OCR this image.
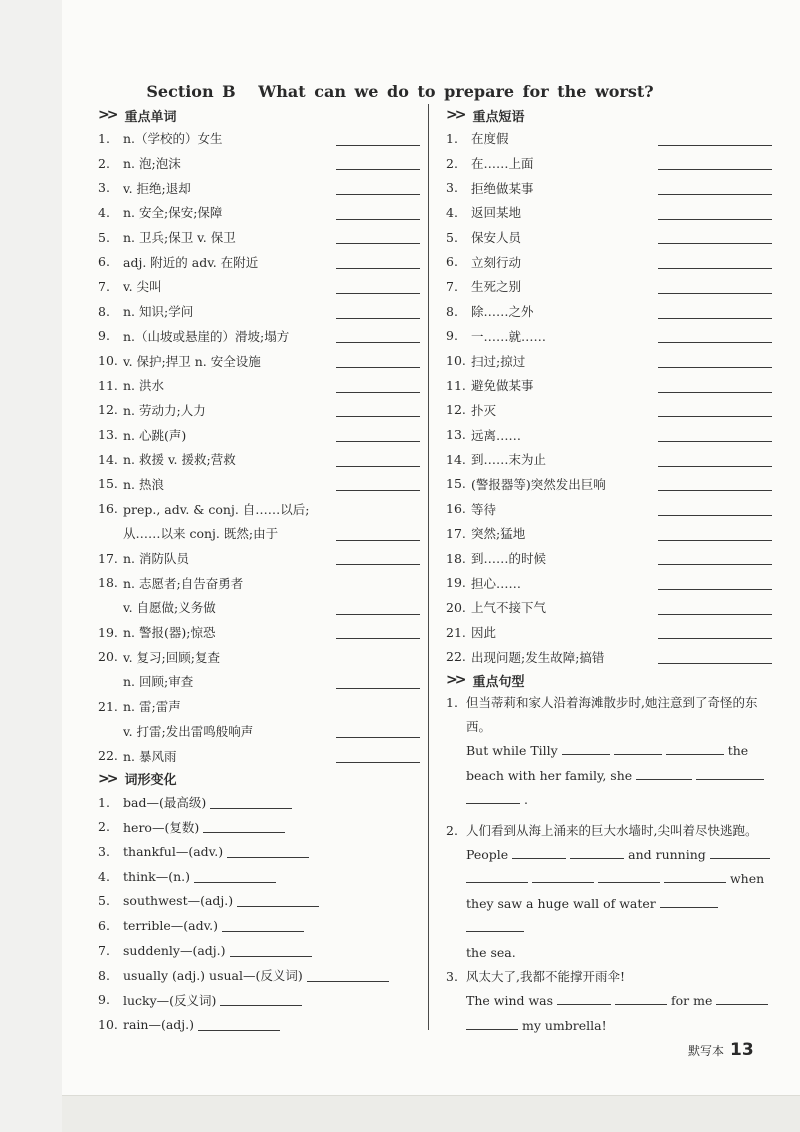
Section B What can we do to prepare for the worst?
>> 重点单词
1.	n.（学校的）女生
2.	n. 泡;泡沫
3.	v. 拒绝;退却
4.	n. 安全;保安;保障
5.	n. 卫兵;保卫 v. 保卫
6.	adj. 附近的 adv. 在附近
7.	v. 尖叫
8.	n. 知识;学问
9.	n.（山坡或悬崖的）滑坡;塌方
10. v. 保护;捍卫 n. 安全设施
11. n. 洪水
12. n. 劳动力;人力
13. n. 心跳(声)
14. n. 救援 v. 援救;营救
15. n. 热浪
16. prep., adv. & conj. 自……以后;
从……以来 conj. 既然;由于
17. n. 消防队员
18. n. 志愿者;自告奋勇者
v. 自愿做;义务做
19. n. 警报(器);惊恐
20. v. 复习;回顾;复查
n. 回顾;审查
21. n. 雷;雷声
v. 打雷;发出雷鸣般响声
22. n. 暴风雨
>> 词形变化
1.	bad—(最高级)
2.	hero—(复数)
3.	thankful—(adv.)
4.	think—(n.)
5.	southwest—(adj.)
6.	terrible—(adv.)
7.	suddenly—(adj.)
8.	usually (adj.) usual—(反义词)
9.	lucky—(反义词)
10. rain—(adj.)
>> 重点短语
1.	在度假
2.	在……上面
3.	拒绝做某事
4.	返回某地
5.	保安人员
6.	立刻行动
7.	生死之别
8.	除……之外
9.	一……就……
10. 扫过;掠过
11. 避免做某事
12. 扑灭
13. 远离……
14. 到……末为止
15. (警报器等)突然发出巨响
16. 等待
17. 突然;猛地
18. 到……的时候
19. 担心……
20. 上气不接下气
21. 因此
22. 出现问题;发生故障;搞错
>> 重点句型
1. 但当蒂莉和家人沿着海滩散步时,她注意到了奇怪的东西。
But while Tilly	the
beach with her family, she
.
2. 人们看到从海上涌来的巨大水墙时,尖叫着尽快逃跑。
People	and running
when
they saw a huge wall of water
the sea.
3. 风太大了,我都不能撑开雨伞!
The wind was	for me
my umbrella!
默写本 13
